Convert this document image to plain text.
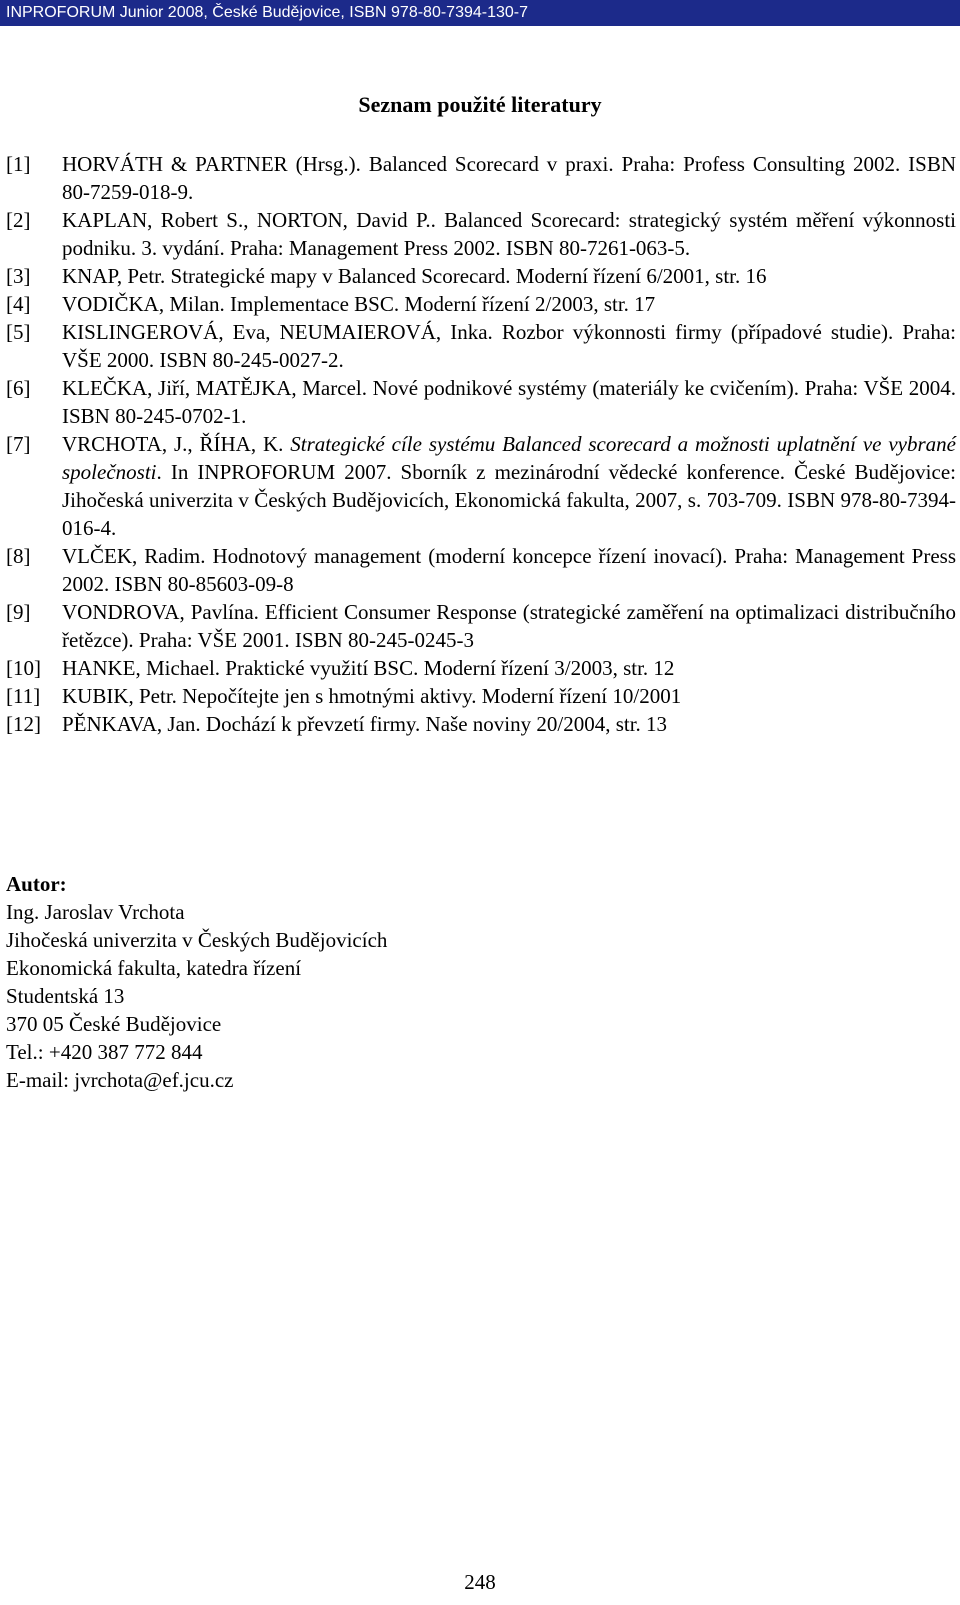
INPROFORUM Junior 2008, České Budějovice, ISBN 978-80-7394-130-7
Seznam použité literatury
[1]	HORVÁTH & PARTNER (Hrsg.). Balanced Scorecard v praxi. Praha: Profess Consulting 2002. ISBN 80-7259-018-9.
[2]	KAPLAN, Robert S., NORTON, David P.. Balanced Scorecard: strategický systém měření výkonnosti podniku. 3. vydání. Praha: Management Press 2002. ISBN 80-7261-063-5.
[3]	KNAP, Petr. Strategické mapy v Balanced Scorecard. Moderní řízení 6/2001, str. 16
[4]	VODIČKA, Milan. Implementace BSC. Moderní řízení 2/2003, str. 17
[5]	KISLINGEROVÁ, Eva, NEUMAIEROVÁ, Inka. Rozbor výkonnosti firmy (případové studie). Praha: VŠE 2000. ISBN 80-245-0027-2.
[6]	KLEČKA, Jiří, MATĚJKA, Marcel. Nové podnikové systémy (materiály ke cvičením). Praha: VŠE 2004. ISBN 80-245-0702-1.
[7]	VRCHOTA, J., ŘÍHA, K. Strategické cíle systému Balanced scorecard a možnosti uplatnění ve vybrané společnosti. In INPROFORUM 2007. Sborník z mezinárodní vědecké konference. České Budějovice: Jihočeská univerzita v Českých Budějovicích, Ekonomická fakulta, 2007, s. 703-709. ISBN 978-80-7394-016-4.
[8]	VLČEK, Radim. Hodnotový management (moderní koncepce řízení inovací). Praha: Management Press 2002. ISBN 80-85603-09-8
[9]	VONDROVA, Pavlína. Efficient Consumer Response (strategické zaměření na optimalizaci distribučního řetězce). Praha: VŠE 2001. ISBN 80-245-0245-3
[10]	HANKE, Michael. Praktické využití BSC. Moderní řízení 3/2003, str. 12
[11]	KUBIK, Petr. Nepočítejte jen s hmotnými aktivy. Moderní řízení 10/2001
[12]	PĚNKAVA, Jan. Dochází k převzetí firmy. Naše noviny 20/2004, str. 13
Autor:
Ing. Jaroslav Vrchota
Jihočeská univerzita v Českých Budějovicích
Ekonomická fakulta, katedra řízení
Studentská 13
370 05 České Budějovice
Tel.: +420 387 772 844
E-mail: jvrchota@ef.jcu.cz
248
